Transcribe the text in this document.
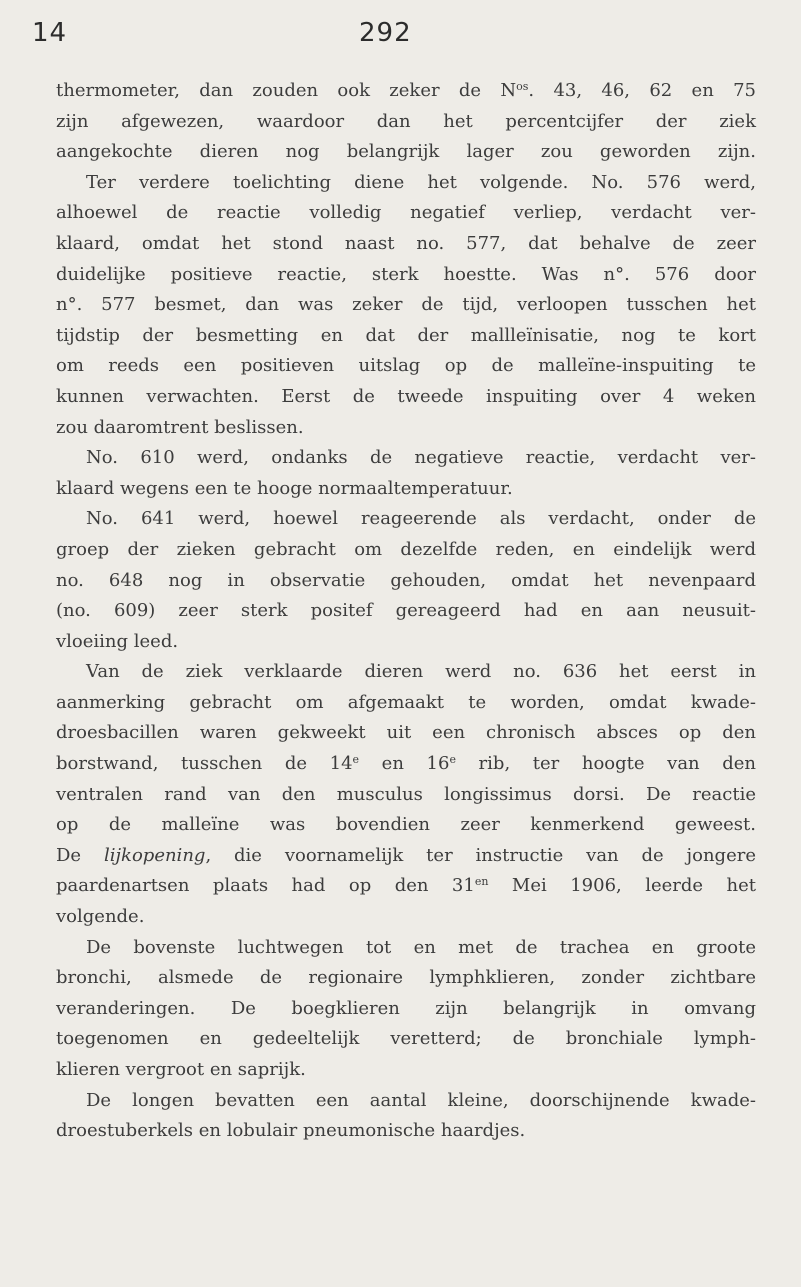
14	292
thermometer, dan zouden ook zeker de $N^{os}$. 43, 46, 62 en 75
zijn afgewezen, waardoor dan het percentcijfer der ziek
aangekochte dieren nog belangrijk lager zou geworden zijn.
Ter verdere toelichting diene het volgende. No. 576 werd,
alhoewel de reactie volledig negatief verliep, verdacht ver-
klaard, omdat het stond naast no. 577, dat behalve de zeer
duidelijke positieve reactie, sterk hoestte. Was n°. 576 door
n°. 577 besmet, dan was zeker de tijd, verloopen tusschen het
tijdstip der besmetting en dat der mallleïnisatie, nog te kort
om reeds een positieven uitslag op de malleïne-inspuiting te
kunnen verwachten. Eerst de tweede inspuiting over 4 weken
zou daaromtrent beslissen.
No. 610 werd, ondanks de negatieve reactie, verdacht ver-
klaard wegens een te hooge normaaltemperatuur.
No. 641 werd, hoewel reageerende als verdacht, onder de
groep der zieken gebracht om dezelfde reden, en eindelijk werd
no. 648 nog in observatie gehouden, omdat het nevenpaard
(no. 609) zeer sterk positef gereageerd had en aan neusuit-
vloeiing leed.
Van de ziek verklaarde dieren werd no. 636 het eerst in
aanmerking gebracht om afgemaakt te worden, omdat kwade-
droesbacillen waren gekweekt uit een chronisch absces op den
borstwand, tusschen de 14e en 16e rib, ter hoogte van den
ventralen rand van den musculus longissimus dorsi. De reactie
op de malleïne was bovendien zeer kenmerkend geweest.
De lijkopening, die voornamelijk ter instructie van de jongere
paardenartsen plaats had op den $31^{en}$ Mei 1906, leerde het
volgende.
De bovenste luchtwegen tot en met de trachea en groote
bronchi, alsmede de regionaire lymphklieren, zonder zichtbare
veranderingen. De boegklieren zijn belangrijk in omvang
toegenomen en gedeeltelijk veretterd; de bronchiale lymph-
klieren vergroot en saprijk.
De longen bevatten een aantal kleine, doorschijnende kwade-
droestuberkels en lobulair pneumonische haardjes.
